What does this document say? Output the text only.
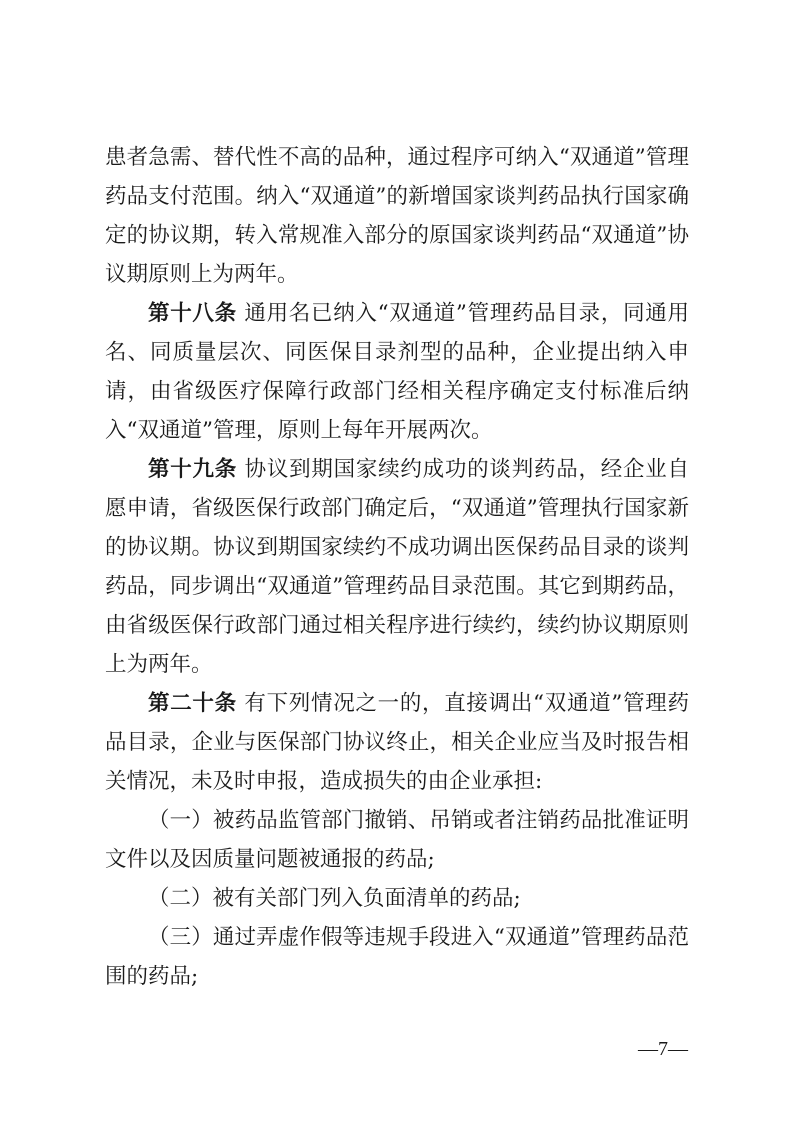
患者急需、替代性不高的品种，通过程序可纳入“双通道”管理药品支付范围。纳入“双通道”的新增国家谈判药品执行国家确定的协议期，转入常规准入部分的原国家谈判药品“双通道”协议期原则上为两年。

第十八条 通用名已纳入“双通道”管理药品目录，同通用名、同质量层次、同医保目录剂型的品种，企业提出纳入申请，由省级医疗保障行政部门经相关程序确定支付标准后纳入“双通道”管理，原则上每年开展两次。

第十九条 协议到期国家续约成功的谈判药品，经企业自愿申请，省级医保行政部门确定后，“双通道”管理执行国家新的协议期。协议到期国家续约不成功调出医保药品目录的谈判药品，同步调出“双通道”管理药品目录范围。其它到期药品，由省级医保行政部门通过相关程序进行续约，续约协议期原则上为两年。

第二十条 有下列情况之一的，直接调出“双通道”管理药品目录，企业与医保部门协议终止，相关企业应当及时报告相关情况，未及时申报，造成损失的由企业承担:

（一）被药品监管部门撤销、吊销或者注销药品批准证明文件以及因质量问题被通报的药品;

（二）被有关部门列入负面清单的药品;

（三）通过弄虚作假等违规手段进入“双通道”管理药品范围的药品;

—7—
